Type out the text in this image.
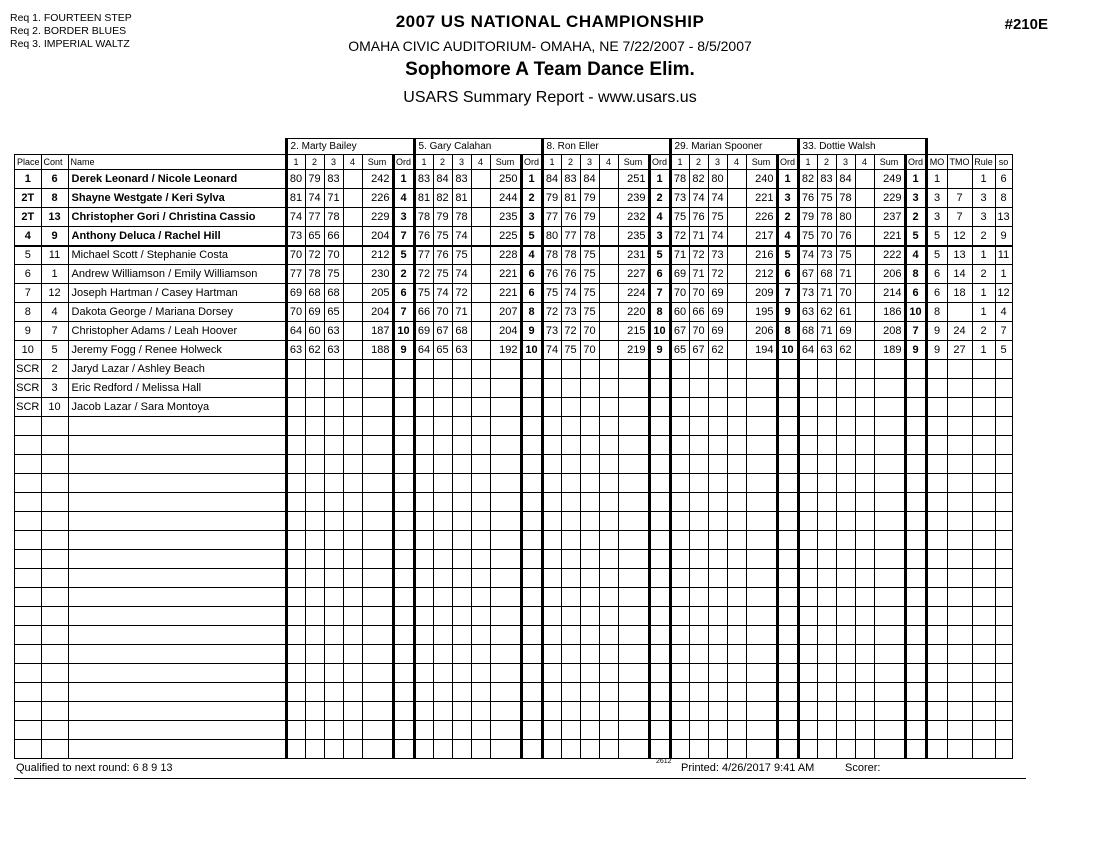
Req 1. FOURTEEN STEP
Req 2. BORDER BLUES
Req 3. IMPERIAL WALTZ
2007 US NATIONAL CHAMPIONSHIP
OMAHA CIVIC AUDITORIUM- OMAHA, NE 7/22/2007 - 8/5/2007
Sophomore A Team Dance Elim.
USARS Summary Report - www.usars.us
#210E
			2. Marty Bailey						5. Gary Calahan						8. Ron Eller						29. Marian Spooner						33. Dottie Walsh									
Place	Cont	Name	1	2	3	4	Sum	Ord	1	2	3	4	Sum	Ord	1	2	3	4	Sum	Ord	1	2	3	4	Sum	Ord	1	2	3	4	Sum	Ord	MO	TMO	Rule	so
1	6	Derek Leonard / Nicole Leonard	80	79	83		242	1	83	84	83		250	1	84	83	84		251	1	78	82	80		240	1	82	83	84		249	1	1		1	6
2T	8	Shayne Westgate / Keri Sylva	81	74	71		226	4	81	82	81		244	2	79	81	79		239	2	73	74	74		221	3	76	75	78		229	3	3	7	3	8
2T	13	Christopher Gori / Christina Cassio	74	77	78		229	3	78	79	78		235	3	77	76	79		232	4	75	76	75		226	2	79	78	80		237	2	3	7	3	13
4	9	Anthony Deluca / Rachel Hill	73	65	66		204	7	76	75	74		225	5	80	77	78		235	3	72	71	74		217	4	75	70	76		221	5	5	12	2	9
5	11	Michael Scott / Stephanie Costa	70	72	70		212	5	77	76	75		228	4	78	78	75		231	5	71	72	73		216	5	74	73	75		222	4	5	13	1	11
6	1	Andrew Williamson / Emily Williamson	77	78	75		230	2	72	75	74		221	6	76	76	75		227	6	69	71	72		212	6	67	68	71		206	8	6	14	2	1
7	12	Joseph Hartman / Casey Hartman	69	68	68		205	6	75	74	72		221	6	75	74	75		224	7	70	70	69		209	7	73	71	70		214	6	6	18	1	12
8	4	Dakota George / Mariana Dorsey	70	69	65		204	7	66	70	71		207	8	72	73	75		220	8	60	66	69		195	9	63	62	61		186	10	8		1	4
9	7	Christopher Adams / Leah Hoover	64	60	63		187	10	69	67	68		204	9	73	72	70		215	10	67	70	69		206	8	68	71	69		208	7	9	24	2	7
10	5	Jeremy Fogg / Renee Holweck	63	62	63		188	9	64	65	63		192	10	74	75	70		219	9	65	67	62		194	10	64	63	62		189	9	9	27	1	5
SCR	2	Jaryd Lazar / Ashley Beach																																		
SCR	3	Eric Redford / Melissa Hall																																		
SCR	10	Jacob Lazar / Sara Montoya																																		

Qualified to next round: 6 8 9 13
2612
Printed: 4/26/2017 9:41 AM	Scorer:
